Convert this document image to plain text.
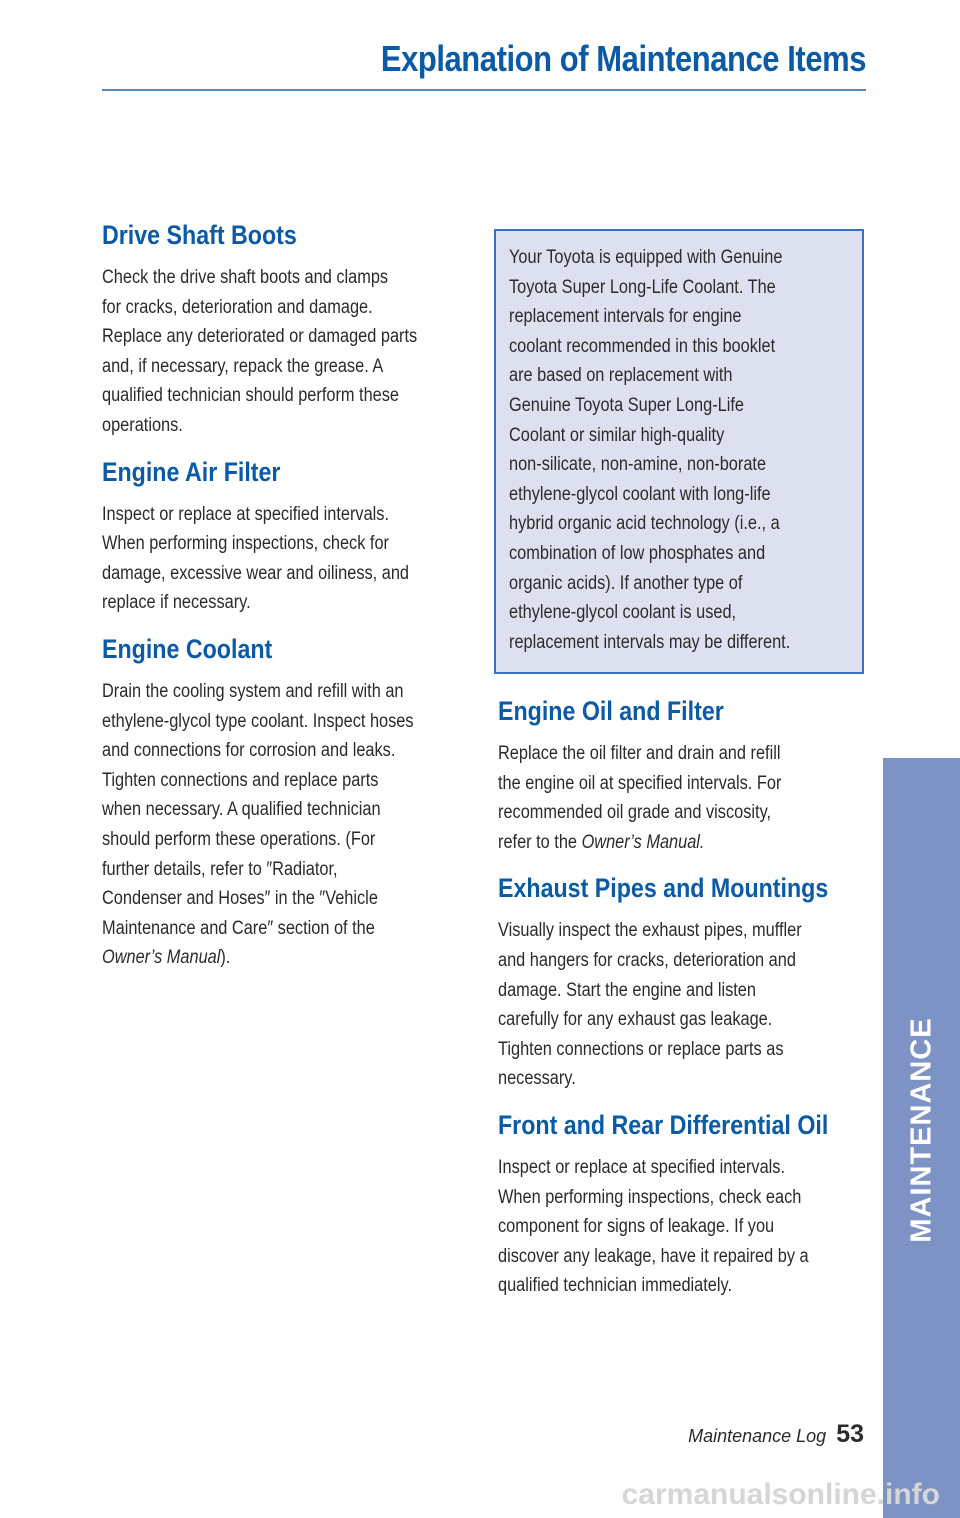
Explanation of Maintenance Items
Drive Shaft Boots

Check the drive shaft boots and clamps
for cracks, deterioration and damage.
Replace any deteriorated or damaged parts
and, if necessary, repack the grease. A
qualified technician should perform these
operations.

Engine Air Filter

Inspect or replace at specified intervals.
When performing inspections, check for
damage, excessive wear and oiliness, and
replace if necessary.

Engine Coolant

Drain the cooling system and refill with an
ethylene-glycol type coolant. Inspect hoses
and connections for corrosion and leaks.
Tighten connections and replace parts
when necessary. A qualified technician
should perform these operations. (For
further details, refer to ″Radiator,
Condenser and Hoses″ in the ″Vehicle
Maintenance and Care″ section of the
Owner’s Manual).

Your Toyota is equipped with Genuine
Toyota Super Long-Life Coolant. The
replacement intervals for engine
coolant recommended in this booklet
are based on replacement with
Genuine Toyota Super Long-Life
Coolant or similar high-quality
non-silicate, non-amine, non-borate
ethylene-glycol coolant with long-life
hybrid organic acid technology (i.e., a
combination of low phosphates and
organic acids). If another type of
ethylene-glycol coolant is used,
replacement intervals may be different.

Engine Oil and Filter

Replace the oil filter and drain and refill
the engine oil at specified intervals. For
recommended oil grade and viscosity,
refer to the Owner’s Manual.

Exhaust Pipes and Mountings

Visually inspect the exhaust pipes, muffler
and hangers for cracks, deterioration and
damage. Start the engine and listen
carefully for any exhaust gas leakage.
Tighten connections or replace parts as
necessary.

Front and Rear Differential Oil

Inspect or replace at specified intervals.
When performing inspections, check each
component for signs of leakage. If you
discover any leakage, have it repaired by a
qualified technician immediately.

MAINTENANCE
Maintenance Log 53
carmanualsonline.info
